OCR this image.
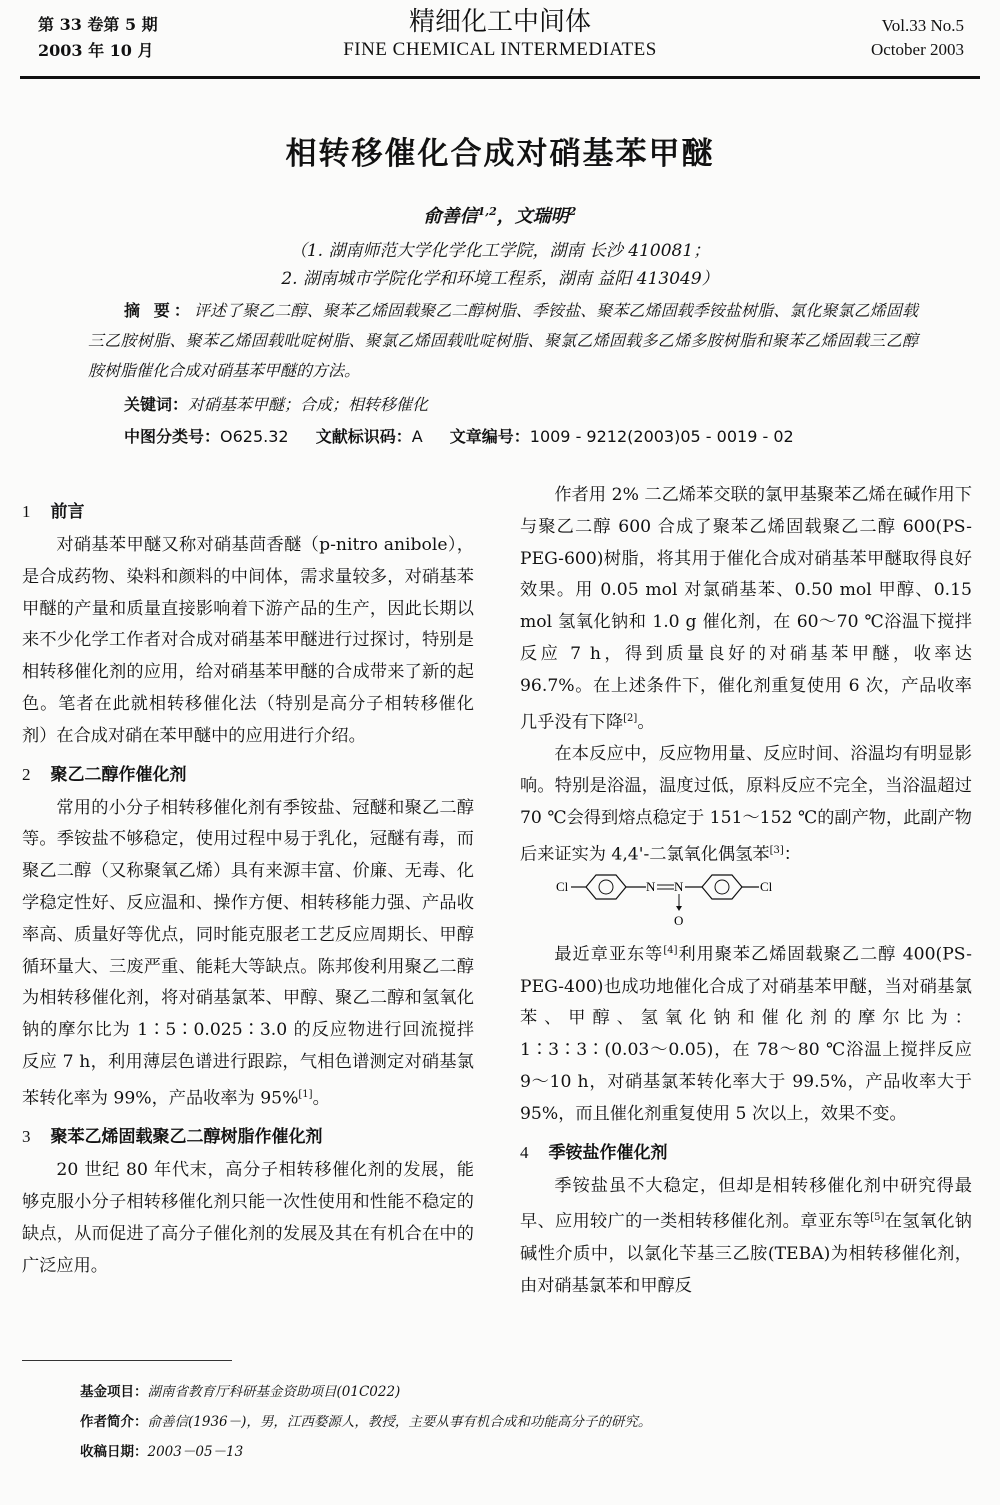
第 33 卷第 5 期
2003 年 10 月
精细化工中间体
FINE CHEMICAL INTERMEDIATES
Vol.33 No.5
October 2003
相转移催化合成对硝基苯甲醚
俞善信$^{1,2}$，文瑞明$^2$
（1. 湖南师范大学化学化工学院，湖南 长沙 410081；
2. 湖南城市学院化学和环境工程系，湖南 益阳 413049）
摘 要：评述了聚乙二醇、聚苯乙烯固载聚乙二醇树脂、季铵盐、聚苯乙烯固载季铵盐树脂、氯化聚氯乙烯固载三乙胺树脂、聚苯乙烯固载吡啶树脂、聚氯乙烯固载吡啶树脂、聚氯乙烯固载多乙烯多胺树脂和聚苯乙烯固载三乙醇胺树脂催化合成对硝基苯甲醚的方法。
关键词：对硝基苯甲醚；合成；相转移催化
中图分类号：O625.32 文献标识码：A 文章编号：1009 - 9212(2003)05 - 0019 - 02
1 前言

对硝基苯甲醚又称对硝基茴香醚（p-nitro anibole），是合成药物、染料和颜料的中间体，需求量较多，对硝基苯甲醚的产量和质量直接影响着下游产品的生产，因此长期以来不少化学工作者对合成对硝基苯甲醚进行过探讨，特别是相转移催化剂的应用，给对硝基苯甲醚的合成带来了新的起色。笔者在此就相转移催化法（特别是高分子相转移催化剂）在合成对硝在苯甲醚中的应用进行介绍。

2 聚乙二醇作催化剂

常用的小分子相转移催化剂有季铵盐、冠醚和聚乙二醇等。季铵盐不够稳定，使用过程中易于乳化，冠醚有毒，而聚乙二醇（又称聚氧乙烯）具有来源丰富、价廉、无毒、化学稳定性好、反应温和、操作方便、相转移能力强、产品收率高、质量好等优点，同时能克服老工艺反应周期长、甲醇循环量大、三废严重、能耗大等缺点。陈邦俊利用聚乙二醇为相转移催化剂，将对硝基氯苯、甲醇、聚乙二醇和氢氧化钠的摩尔比为 1∶5∶0.025∶3.0 的反应物进行回流搅拌反应 7 h，利用薄层色谱进行跟踪，气相色谱测定对硝基氯苯转化率为 99%，产品收率为 95%[1]。

3 聚苯乙烯固载聚乙二醇树脂作催化剂

20 世纪 80 年代末，高分子相转移催化剂的发展，能够克服小分子相转移催化剂只能一次性使用和性能不稳定的缺点，从而促进了高分子催化剂的发展及其在有机合在中的广泛应用。

作者用 2% 二乙烯苯交联的氯甲基聚苯乙烯在碱作用下与聚乙二醇 600 合成了聚苯乙烯固载聚乙二醇 600(PS-PEG-600)树脂，将其用于催化合成对硝基苯甲醚取得良好效果。用 0.05 mol 对氯硝基苯、0.50 mol 甲醇、0.15 mol 氢氧化钠和 1.0 g 催化剂，在 60～70 ℃浴温下搅拌反应 7 h，得到质量良好的对硝基苯甲醚，收率达 96.7%。在上述条件下，催化剂重复使用 6 次，产品收率几乎没有下降[2]。

在本反应中，反应物用量、反应时间、浴温均有明显影响。特别是浴温，温度过低，原料反应不完全，当浴温超过 70 ℃会得到熔点稳定于 151～152 ℃的副产物，此副产物后来证实为 4,4'-二氯氧化偶氢苯[3]：

Cl	N N
O
Cl

最近章亚东等[4]利用聚苯乙烯固载聚乙二醇 400(PS-PEG-400)也成功地催化合成了对硝基苯甲醚，当对硝基氯苯、甲醇、氢氧化钠和催化剂的摩尔比为：1∶3∶3∶(0.03～0.05)，在 78～80 ℃浴温上搅拌反应 9～10 h，对硝基氯苯转化率大于 99.5%，产品收率大于 95%，而且催化剂重复使用 5 次以上，效果不变。

4 季铵盐作催化剂

季铵盐虽不大稳定，但却是相转移催化剂中研究得最早、应用较广的一类相转移催化剂。章亚东等[5]在氢氧化钠碱性介质中，以氯化苄基三乙胺(TEBA)为相转移催化剂，由对硝基氯苯和甲醇反

基金项目：湖南省教育厅科研基金资助项目(01C022)
作者简介：俞善信(1936－)，男，江西婺源人，教授，主要从事有机合成和功能高分子的研究。
收稿日期：2003－05－13
